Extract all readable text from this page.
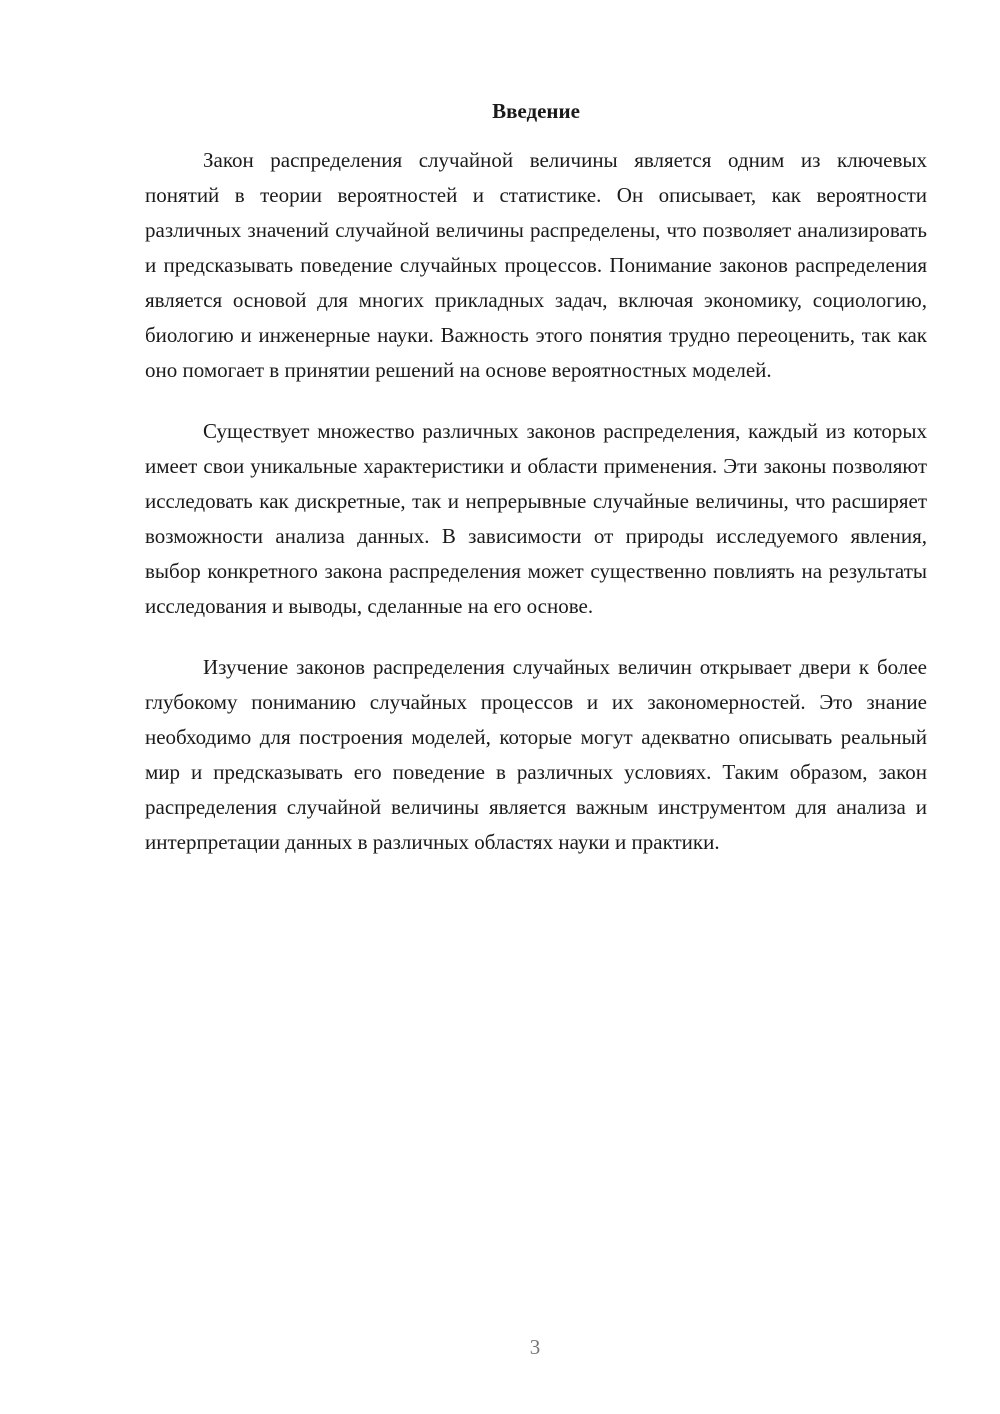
Введение

Закон распределения случайной величины является одним из ключевых понятий в теории вероятностей и статистике. Он описывает, как вероятности различных значений случайной величины распределены, что позволяет анализировать и предсказывать поведение случайных процессов. Понимание законов распределения является основой для многих прикладных задач, включая экономику, социологию, биологию и инженерные науки. Важность этого понятия трудно переоценить, так как оно помогает в принятии решений на основе вероятностных моделей.

Существует множество различных законов распределения, каждый из которых имеет свои уникальные характеристики и области применения. Эти законы позволяют исследовать как дискретные, так и непрерывные случайные величины, что расширяет возможности анализа данных. В зависимости от природы исследуемого явления, выбор конкретного закона распределения может существенно повлиять на результаты исследования и выводы, сделанные на его основе.

Изучение законов распределения случайных величин открывает двери к более глубокому пониманию случайных процессов и их закономерностей. Это знание необходимо для построения моделей, которые могут адекватно описывать реальный мир и предсказывать его поведение в различных условиях. Таким образом, закон распределения случайной величины является важным инструментом для анализа и интерпретации данных в различных областях науки и практики.

3
